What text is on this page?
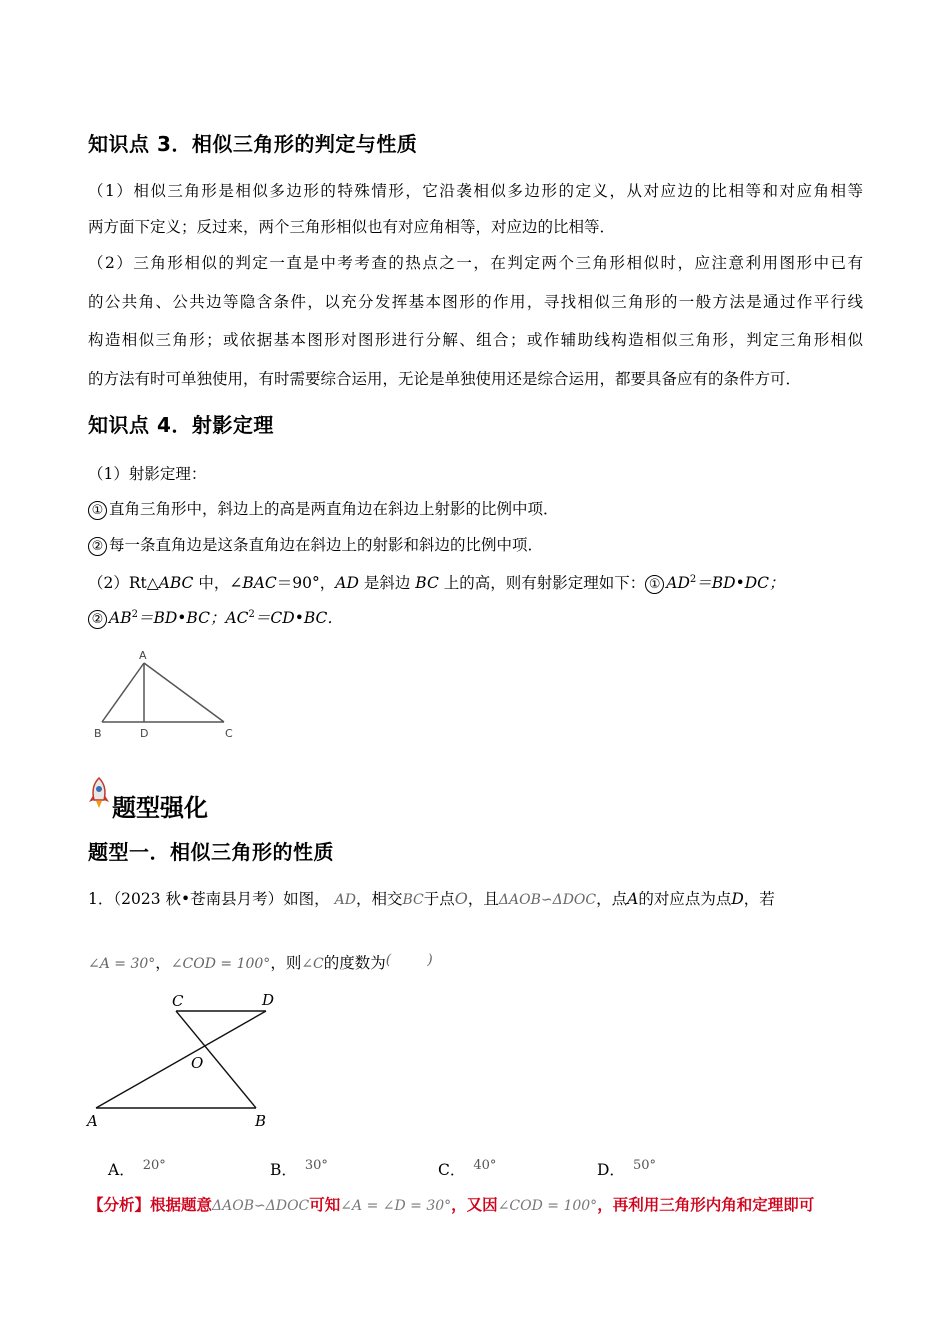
知识点 3．相似三角形的判定与性质
（1）相似三角形是相似多边形的特殊情形，它沿袭相似多边形的定义，从对应边的比相等和对应角相等
两方面下定义；反过来，两个三角形相似也有对应角相等，对应边的比相等．
（2）三角形相似的判定一直是中考考查的热点之一，在判定两个三角形相似时，应注意利用图形中已有
的公共角、公共边等隐含条件，以充分发挥基本图形的作用，寻找相似三角形的一般方法是通过作平行线
构造相似三角形；或依据基本图形对图形进行分解、组合；或作辅助线构造相似三角形，判定三角形相似
的方法有时可单独使用，有时需要综合运用，无论是单独使用还是综合运用，都要具备应有的条件方可．
知识点 4．射影定理
（1）射影定理：
① 直角三角形中，斜边上的高是两直角边在斜边上射影的比例中项．
② 每一条直角边是这条直角边在斜边上的射影和斜边的比例中项．
（2）Rt△ABC 中，∠BAC＝90°，AD 是斜边 BC 上的高，则有射影定理如下： ① $AD^2=BD•DC$；
② $AB^2=BD•BC$；$AC^2=CD•BC$．
A
B	D	C
题型强化
题型一．相似三角形的性质
1．（2023 秋•苍南县月考）如图， AD，相交BC于点O，且ΔAOB∽ΔDOC，点A的对应点为点D，若
∠A = 30°，∠COD = 100°，则∠C的度数为(	)
C	D
O
A	B
A． $^{20^\circ}$	B． $^{30^\circ}$	C． $^{40^\circ}$	D． $^{50^\circ}$
【分析】根据题意ΔAOB∽ΔDOC可知∠A = ∠D = 30°，又因∠COD = 100°，再利用三角形内角和定理即可
